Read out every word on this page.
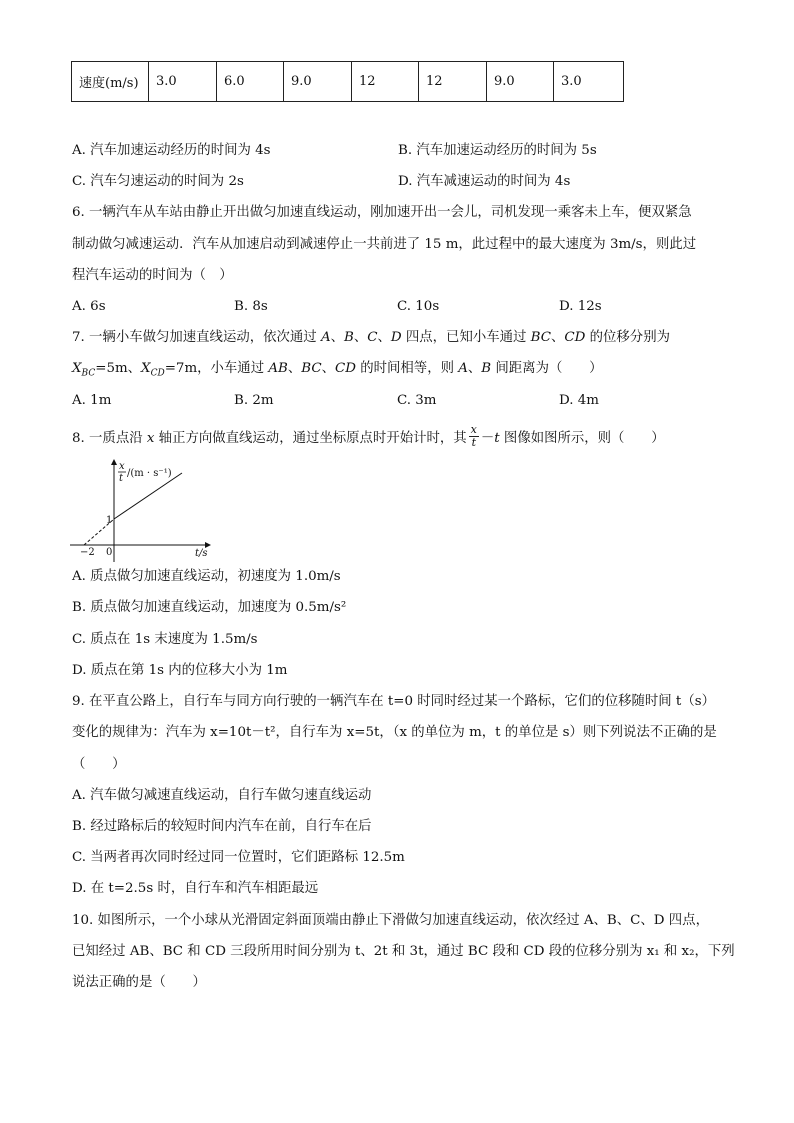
速度(m/s)	3.0	6.0	9.0	12	12	9.0	3.0
A. 汽车加速运动经历的时间为 4s	B. 汽车加速运动经历的时间为 5s
C. 汽车匀速运动的时间为 2s	D. 汽车减速运动的时间为 4s
6. 一辆汽车从车站由静止开出做匀加速直线运动，刚加速开出一会儿，司机发现一乘客未上车，便双紧急
制动做匀减速运动．汽车从加速启动到减速停止一共前进了 15 m，此过程中的最大速度为 3m/s，则此过
程汽车运动的时间为（　）
A. 6s	B. 8s	C. 10s	D. 12s
7. 一辆小车做匀加速直线运动，依次通过 A、B、C、D 四点，已知小车通过 BC、CD 的位移分别为
$X_{BC}=5m$、$X_{CD}=7m$，小车通过 AB、BC、CD 的时间相等，则 A、B 间距离为（　　）
A. 1m	B. 2m	C. 3m	D. 4m
8. 一质点沿 x 轴正方向做直线运动，通过坐标原点时开始计时，其 $\frac{x}{t} -t$ 图像如图所示，则（　　）
x
t /(m · s⁻¹)
1
−2 0	t/s
A. 质点做匀加速直线运动，初速度为 1.0m/s
B. 质点做匀加速直线运动，加速度为 0.5m/s²
C. 质点在 1s 末速度为 1.5m/s
D. 质点在第 1s 内的位移大小为 1m
9. 在平直公路上，自行车与同方向行驶的一辆汽车在 t=0 时同时经过某一个路标，它们的位移随时间 t（s）
变化的规律为：汽车为 x=10t－t²，自行车为 x=5t，（x 的单位为 m，t 的单位是 s）则下列说法不正确的是
（　　）
A. 汽车做匀减速直线运动，自行车做匀速直线运动
B. 经过路标后的较短时间内汽车在前，自行车在后
C. 当两者再次同时经过同一位置时，它们距路标 12.5m
D. 在 t=2.5s 时，自行车和汽车相距最远
10. 如图所示，一个小球从光滑固定斜面顶端由静止下滑做匀加速直线运动，依次经过 A、B、C、D 四点，
已知经过 AB、BC 和 CD 三段所用时间分别为 t、2t 和 3t，通过 BC 段和 CD 段的位移分别为 x₁ 和 x₂，下列
说法正确的是（　　）
